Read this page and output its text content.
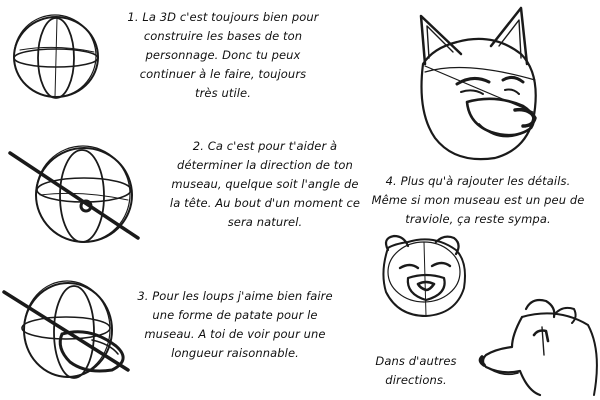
1. La 3D c'est toujours bien pour
construire les bases de ton
personnage. Donc tu peux
continuer à le faire, toujours
très utile.
2. Ca c'est pour t'aider à
déterminer la direction de ton
museau, quelque soit l'angle de
la tête. Au bout d'un moment ce
sera naturel.
3. Pour les loups j'aime bien faire
une forme de patate pour le
museau. A toi de voir pour une
longueur raisonnable.
4. Plus qu'à rajouter les détails.
Même si mon museau est un peu de
traviole, ça reste sympa.
Dans d'autres
directions.
